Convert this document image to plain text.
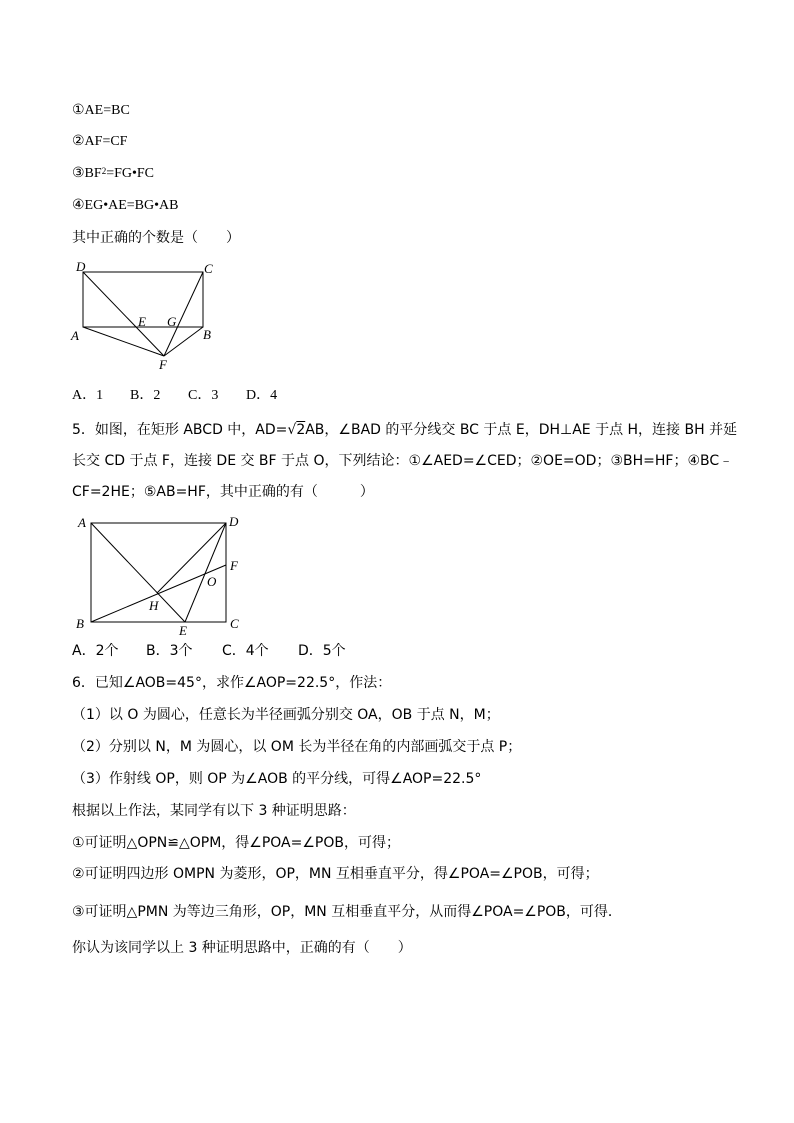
①AE=BC
②AF=CF
$③BF^2=FG•FC$
④EG•AE=BG•AB
其中正确的个数是（　　）
D	C
A
E G
B
F
A．1 B．2 C．3 D．4
5．如图，在矩形 ABCD 中，AD=√2AB，∠BAD 的平分线交 BC 于点 E，DH⊥AE 于点 H，连接 BH 并延
长交 CD 于点 F，连接 DE 交 BF 于点 O，下列结论：①∠AED=∠CED；②OE=OD；③BH=HF；④BC﹣
CF=2HE；⑤AB=HF，其中正确的有（　　　）
A	D
F
O
H
B	E	C
A．2个 B．3个 C．4个 D．5个
6．已知∠AOB=45°，求作∠AOP=22.5°，作法：
（1）以 O 为圆心，任意长为半径画弧分别交 OA，OB 于点 N，M；
（2）分别以 N，M 为圆心，以 OM 长为半径在角的内部画弧交于点 P；
（3）作射线 OP，则 OP 为∠AOB 的平分线，可得∠AOP=22.5°
根据以上作法，某同学有以下 3 种证明思路：
①可证明△OPN≌△OPM，得∠POA=∠POB，可得；
②可证明四边形 OMPN 为菱形，OP，MN 互相垂直平分，得∠POA=∠POB，可得；
③可证明△PMN 为等边三角形，OP，MN 互相垂直平分，从而得∠POA=∠POB，可得．
你认为该同学以上 3 种证明思路中，正确的有（　　）
